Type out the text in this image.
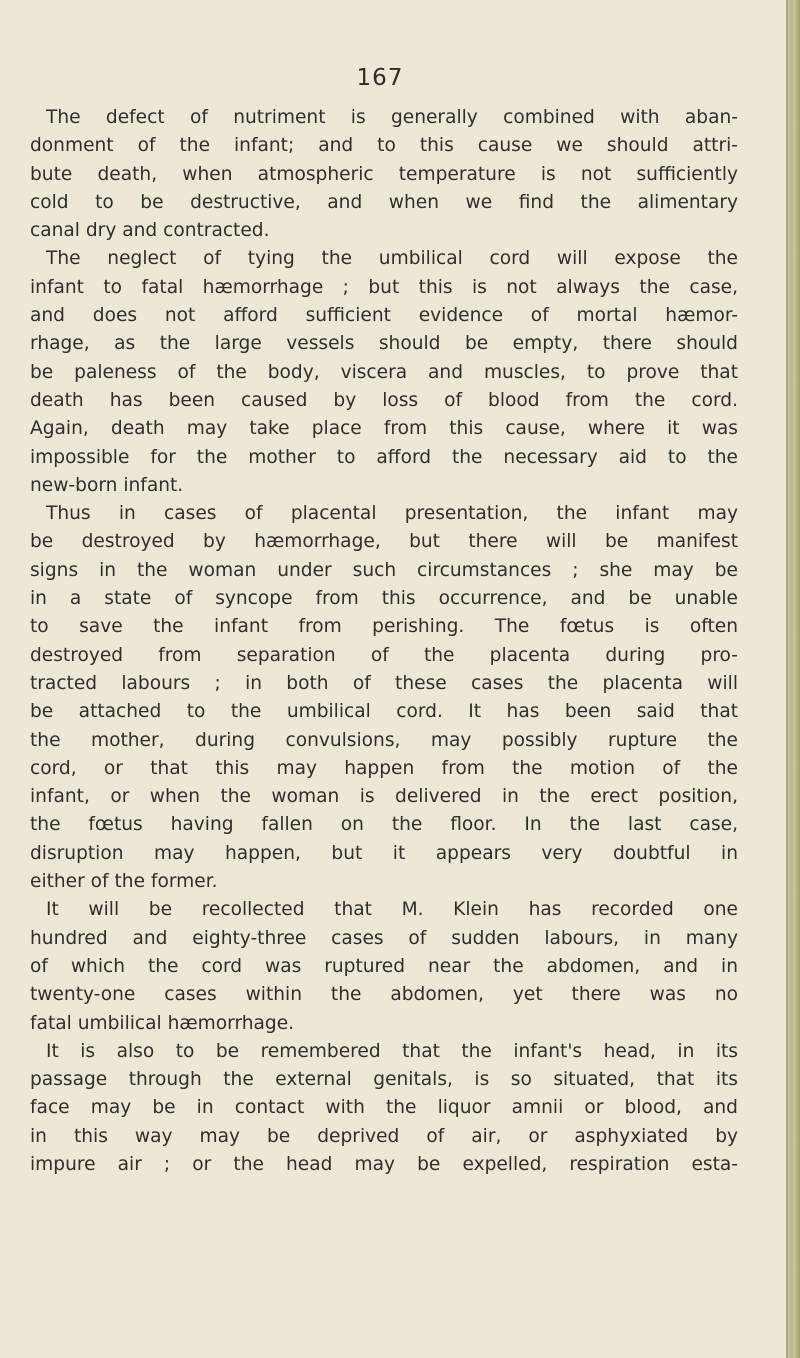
167

The defect of nutriment is generally combined with aban-
donment of the infant; and to this cause we should attri-
bute death, when atmospheric temperature is not sufficiently
cold to be destructive, and when we find the alimentary
canal dry and contracted.

The neglect of tying the umbilical cord will expose the
infant to fatal hæmorrhage ; but this is not always the case,
and does not afford sufficient evidence of mortal hæmor-
rhage, as the large vessels should be empty, there should
be paleness of the body, viscera and muscles, to prove that
death has been caused by loss of blood from the cord.
Again, death may take place from this cause, where it was
impossible for the mother to afford the necessary aid to the
new-born infant.

Thus in cases of placental presentation, the infant may
be destroyed by hæmorrhage, but there will be manifest
signs in the woman under such circumstances ; she may be
in a state of syncope from this occurrence, and be unable
to save the infant from perishing. The fœtus is often
destroyed from separation of the placenta during pro-
tracted labours ; in both of these cases the placenta will
be attached to the umbilical cord. It has been said that
the mother, during convulsions, may possibly rupture the
cord, or that this may happen from the motion of the
infant, or when the woman is delivered in the erect position,
the fœtus having fallen on the floor. In the last case,
disruption may happen, but it appears very doubtful in
either of the former.

It will be recollected that M. Klein has recorded one
hundred and eighty-three cases of sudden labours, in many
of which the cord was ruptured near the abdomen, and in
twenty-one cases within the abdomen, yet there was no
fatal umbilical hæmorrhage.

It is also to be remembered that the infant's head, in its
passage through the external genitals, is so situated, that its
face may be in contact with the liquor amnii or blood, and
in this way may be deprived of air, or asphyxiated by
impure air ; or the head may be expelled, respiration esta-
